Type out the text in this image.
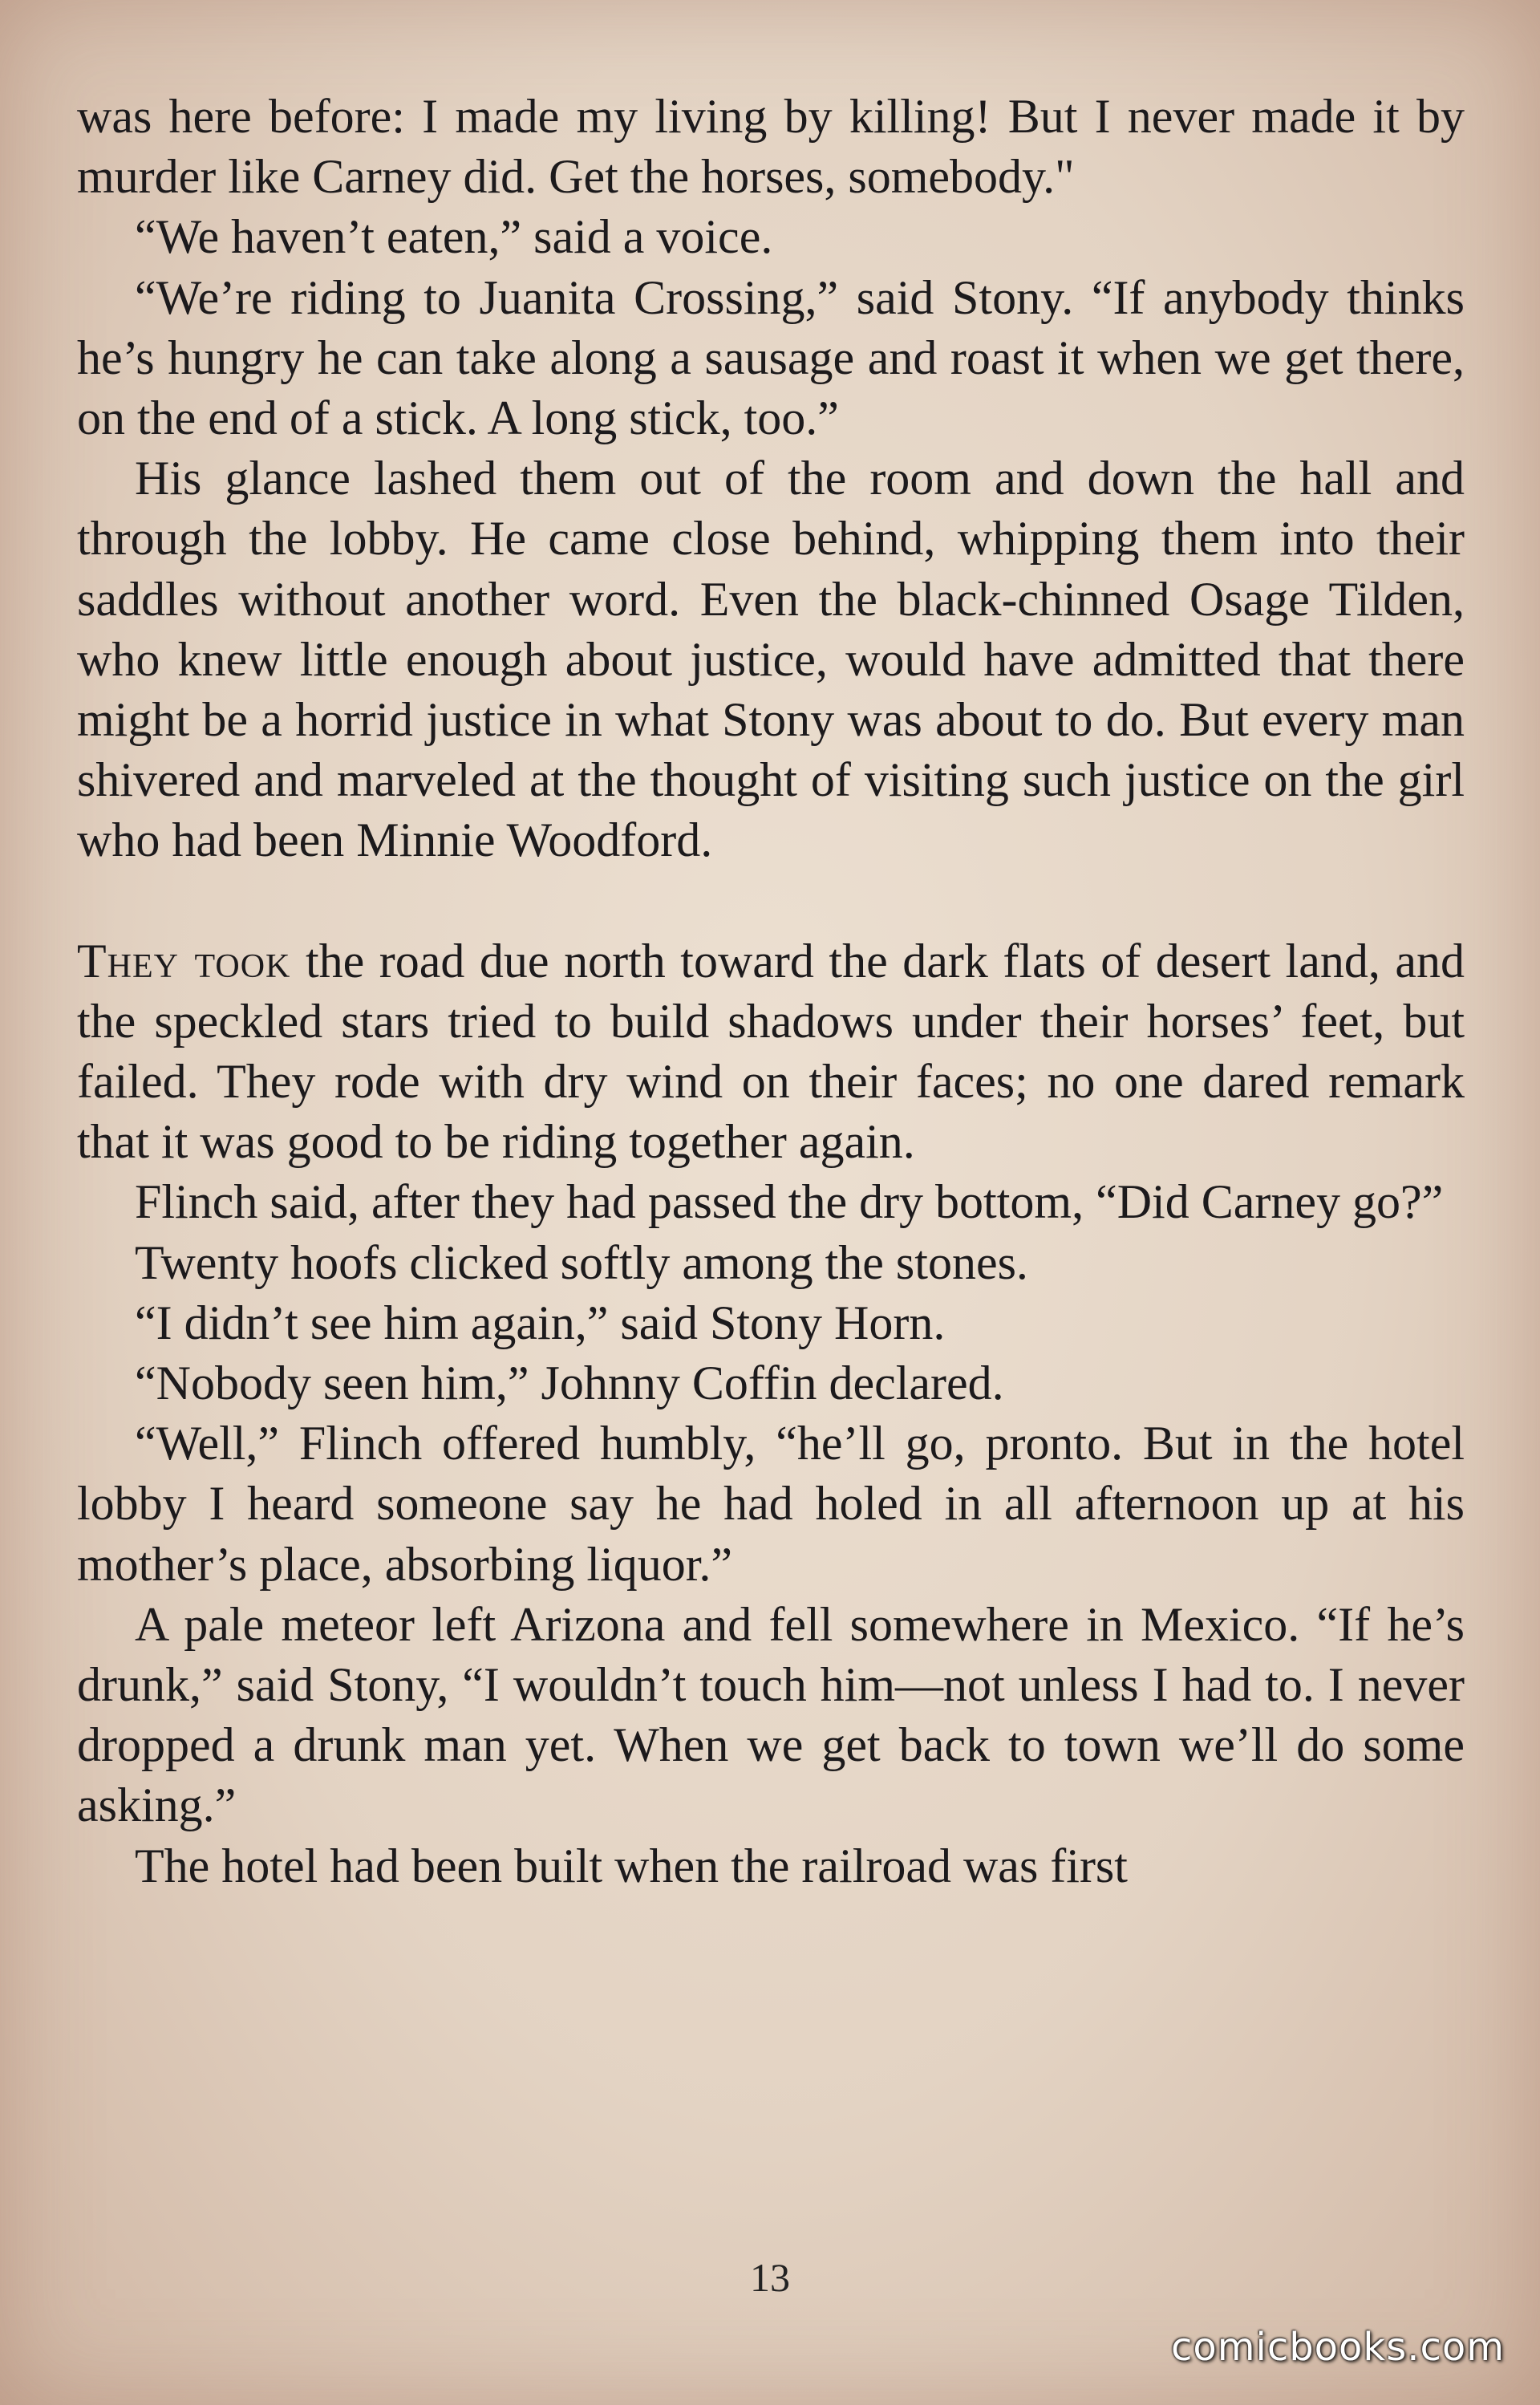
was here before: I made my living by killing! But I never made it by murder like Carney did. Get the horses, somebody."

“We haven’t eaten,” said a voice.

“We’re riding to Juanita Crossing,” said Stony. “If anybody thinks he’s hungry he can take along a sausage and roast it when we get there, on the end of a stick. A long stick, too.”

His glance lashed them out of the room and down the hall and through the lobby. He came close behind, whipping them into their saddles without another word. Even the black-chinned Osage Tilden, who knew little enough about justice, would have admitted that there might be a horrid justice in what Stony was about to do. But every man shivered and marveled at the thought of visiting such justice on the girl who had been Minnie Woodford.

They took the road due north toward the dark flats of desert land, and the speckled stars tried to build shadows under their horses’ feet, but failed. They rode with dry wind on their faces; no one dared remark that it was good to be riding together again.

Flinch said, after they had passed the dry bottom, “Did Carney go?”

Twenty hoofs clicked softly among the stones.

“I didn’t see him again,” said Stony Horn.

“Nobody seen him,” Johnny Coffin declared.

“Well,” Flinch offered humbly, “he’ll go, pronto. But in the hotel lobby I heard someone say he had holed in all afternoon up at his mother’s place, absorbing liquor.”

A pale meteor left Arizona and fell somewhere in Mexico. “If he’s drunk,” said Stony, “I wouldn’t touch him—not unless I had to. I never dropped a drunk man yet. When we get back to town we’ll do some asking.”

The hotel had been built when the railroad was first

13
comicbooks.com
